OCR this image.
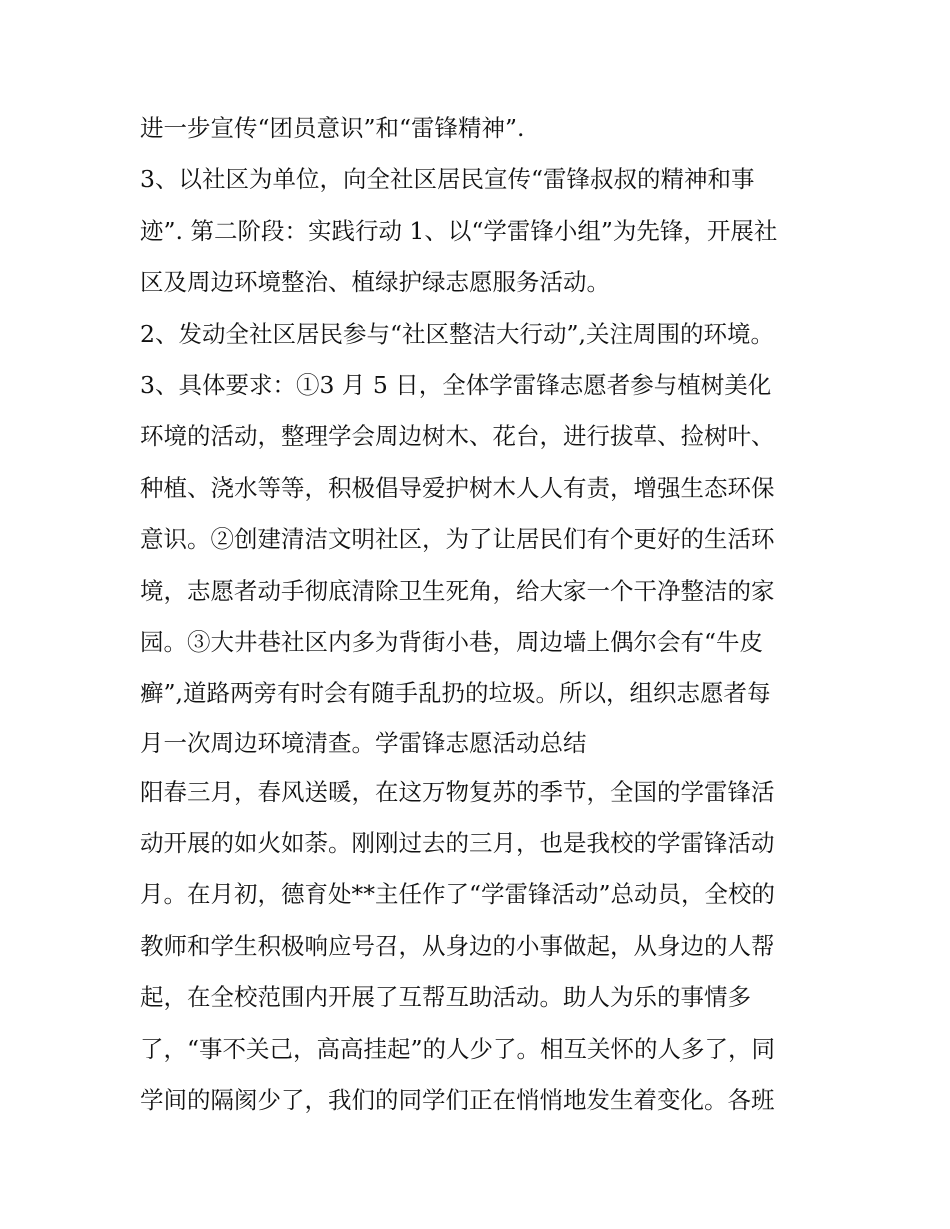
进一步宣传“团员意识”和“雷锋精神”.
3、以社区为单位，向全社区居民宣传“雷锋叔叔的精神和事
迹”. 第二阶段：实践行动 1、以“学雷锋小组”为先锋，开展社
区及周边环境整治、植绿护绿志愿服务活动。
2、发动全社区居民参与“社区整洁大行动”,关注周围的环境。
3、具体要求：①3 月 5 日，全体学雷锋志愿者参与植树美化
环境的活动，整理学会周边树木、花台，进行拔草、捡树叶、
种植、浇水等等，积极倡导爱护树木人人有责，增强生态环保
意识。②创建清洁文明社区，为了让居民们有个更好的生活环
境，志愿者动手彻底清除卫生死角，给大家一个干净整洁的家
园。③大井巷社区内多为背街小巷，周边墙上偶尔会有“牛皮
癣”,道路两旁有时会有随手乱扔的垃圾。所以，组织志愿者每
月一次周边环境清查。学雷锋志愿活动总结
阳春三月，春风送暖，在这万物复苏的季节，全国的学雷锋活
动开展的如火如荼。刚刚过去的三月，也是我校的学雷锋活动
月。在月初，德育处**主任作了“学雷锋活动”总动员，全校的
教师和学生积极响应号召，从身边的小事做起，从身边的人帮
起，在全校范围内开展了互帮互助活动。助人为乐的事情多
了，“事不关己，高高挂起”的人少了。相互关怀的人多了，同
学间的隔阂少了，我们的同学们正在悄悄地发生着变化。各班
